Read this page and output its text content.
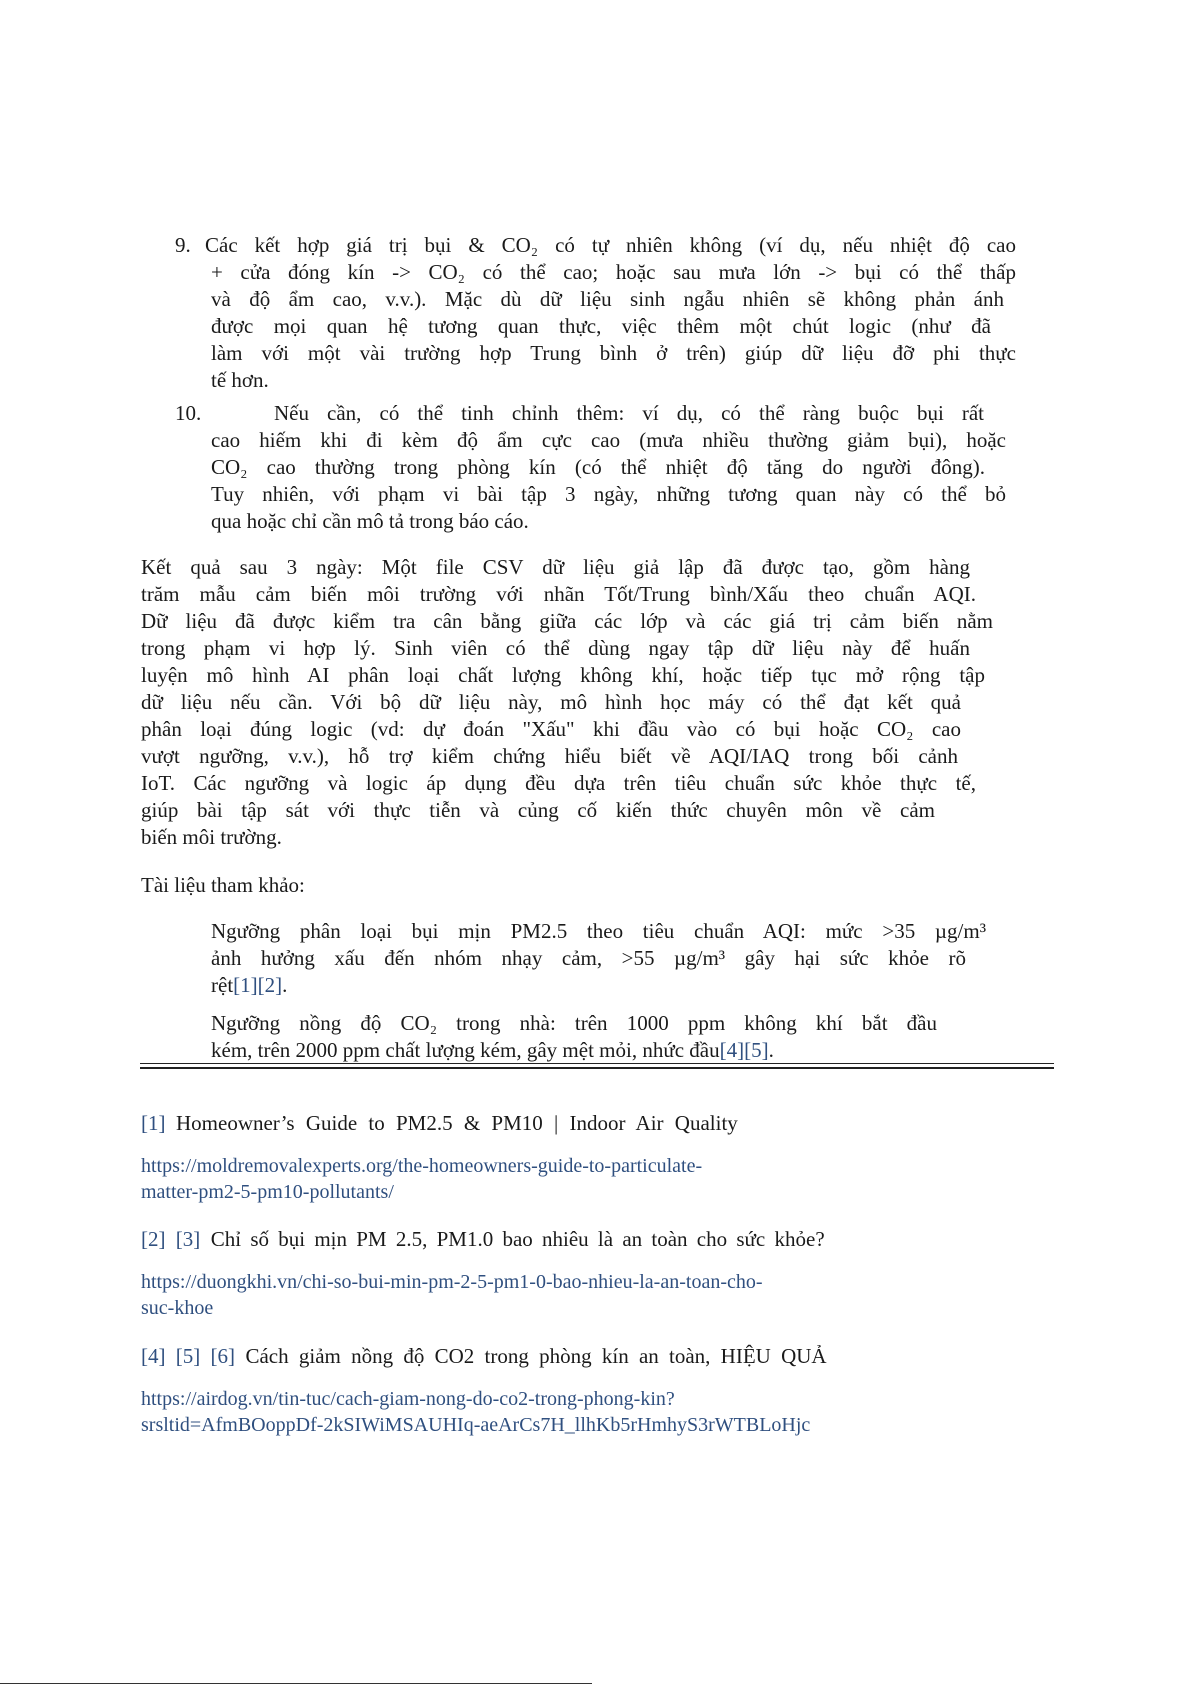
9. Các kết hợp giá trị bụi & CO₂ có tự nhiên không (ví dụ, nếu nhiệt độ cao
+ cửa đóng kín -> CO₂ có thể cao; hoặc sau mưa lớn -> bụi có thể thấp
và độ ẩm cao, v.v.). Mặc dù dữ liệu sinh ngẫu nhiên sẽ không phản ánh
được mọi quan hệ tương quan thực, việc thêm một chút logic (như đã
làm với một vài trường hợp Trung bình ở trên) giúp dữ liệu đỡ phi thực
tế hơn.
10.	Nếu cần, có thể tinh chỉnh thêm: ví dụ, có thể ràng buộc bụi rất
cao hiếm khi đi kèm độ ẩm cực cao (mưa nhiều thường giảm bụi), hoặc
CO₂ cao thường trong phòng kín (có thể nhiệt độ tăng do người đông).
Tuy nhiên, với phạm vi bài tập 3 ngày, những tương quan này có thể bỏ
qua hoặc chỉ cần mô tả trong báo cáo.
Kết quả sau 3 ngày: Một file CSV dữ liệu giả lập đã được tạo, gồm hàng
trăm mẫu cảm biến môi trường với nhãn Tốt/Trung bình/Xấu theo chuẩn AQI.
Dữ liệu đã được kiểm tra cân bằng giữa các lớp và các giá trị cảm biến nằm
trong phạm vi hợp lý. Sinh viên có thể dùng ngay tập dữ liệu này để huấn
luyện mô hình AI phân loại chất lượng không khí, hoặc tiếp tục mở rộng tập
dữ liệu nếu cần. Với bộ dữ liệu này, mô hình học máy có thể đạt kết quả
phân loại đúng logic (vd: dự đoán "Xấu" khi đầu vào có bụi hoặc CO₂ cao
vượt ngưỡng, v.v.), hỗ trợ kiểm chứng hiểu biết về AQI/IAQ trong bối cảnh
IoT. Các ngưỡng và logic áp dụng đều dựa trên tiêu chuẩn sức khỏe thực tế,
giúp bài tập sát với thực tiễn và củng cố kiến thức chuyên môn về cảm
biến môi trường.
Tài liệu tham khảo:
Ngưỡng phân loại bụi mịn PM2.5 theo tiêu chuẩn AQI: mức >35 µg/m³
ảnh hưởng xấu đến nhóm nhạy cảm, >55 µg/m³ gây hại sức khỏe rõ
rệt[1][2].
Ngưỡng nồng độ CO₂ trong nhà: trên 1000 ppm không khí bắt đầu
kém, trên 2000 ppm chất lượng kém, gây mệt mỏi, nhức đầu[4][5].
[1] Homeowner’s Guide to PM2.5 & PM10 | Indoor Air Quality
https://moldremovalexperts.org/the-homeowners-guide-to-particulate-
matter-pm2-5-pm10-pollutants/
[2] [3] Chỉ số bụi mịn PM 2.5, PM1.0 bao nhiêu là an toàn cho sức khỏe?
https://duongkhi.vn/chi-so-bui-min-pm-2-5-pm1-0-bao-nhieu-la-an-toan-cho-
suc-khoe
[4] [5] [6] Cách giảm nồng độ CO2 trong phòng kín an toàn, HIỆU QUẢ
https://airdog.vn/tin-tuc/cach-giam-nong-do-co2-trong-phong-kin?
srsltid=AfmBOoppDf-2kSIWiMSAUHIq-aeArCs7H_llhKb5rHmhyS3rWTBLoHjc
